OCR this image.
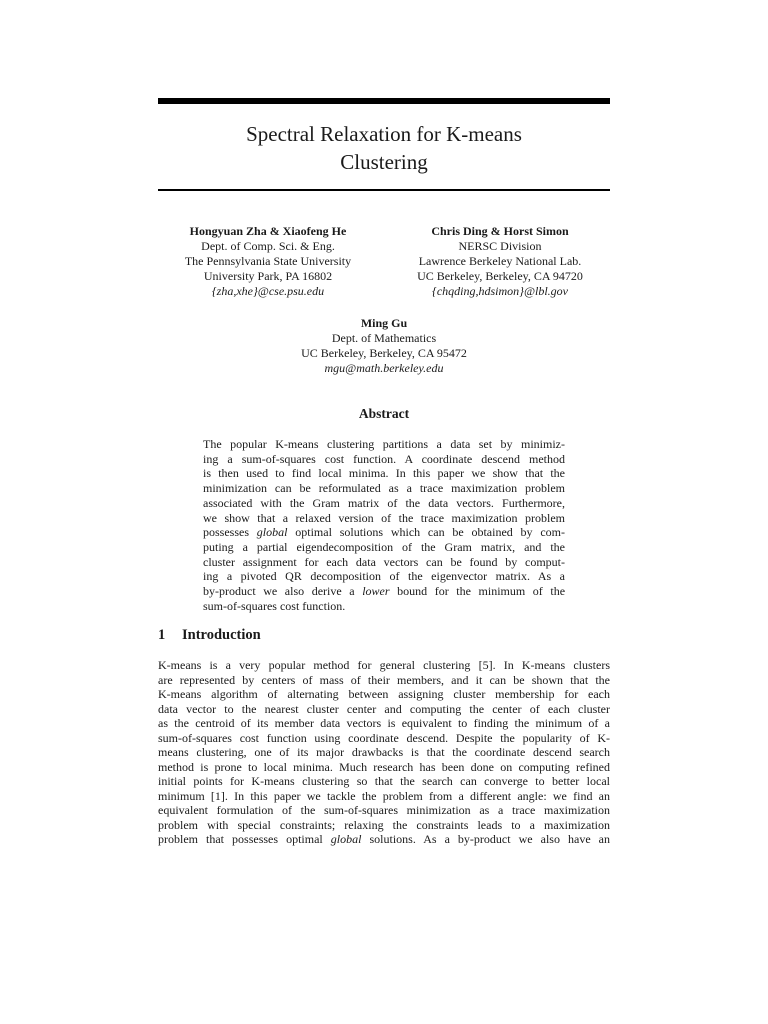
Spectral Relaxation for K-means
Clustering
Hongyuan Zha & Xiaofeng He
Dept. of Comp. Sci. & Eng.
The Pennsylvania State University
University Park, PA 16802
{zha,xhe}@cse.psu.edu
Chris Ding & Horst Simon
NERSC Division
Lawrence Berkeley National Lab.
UC Berkeley, Berkeley, CA 94720
{chqding,hdsimon}@lbl.gov
Ming Gu
Dept. of Mathematics
UC Berkeley, Berkeley, CA 95472
mgu@math.berkeley.edu
Abstract
The popular K-means clustering partitions a data set by minimiz-
ing a sum-of-squares cost function. A coordinate descend method
is then used to find local minima. In this paper we show that the
minimization can be reformulated as a trace maximization problem
associated with the Gram matrix of the data vectors. Furthermore,
we show that a relaxed version of the trace maximization problem
possesses global optimal solutions which can be obtained by com-
puting a partial eigendecomposition of the Gram matrix, and the
cluster assignment for each data vectors can be found by comput-
ing a pivoted QR decomposition of the eigenvector matrix. As a
by-product we also derive a lower bound for the minimum of the
sum-of-squares cost function.
1 Introduction
K-means is a very popular method for general clustering [5]. In K-means clusters
are represented by centers of mass of their members, and it can be shown that the
K-means algorithm of alternating between assigning cluster membership for each
data vector to the nearest cluster center and computing the center of each cluster
as the centroid of its member data vectors is equivalent to finding the minimum of a
sum-of-squares cost function using coordinate descend. Despite the popularity of K-
means clustering, one of its major drawbacks is that the coordinate descend search
method is prone to local minima. Much research has been done on computing refined
initial points for K-means clustering so that the search can converge to better local
minimum [1]. In this paper we tackle the problem from a different angle: we find an
equivalent formulation of the sum-of-squares minimization as a trace maximization
problem with special constraints; relaxing the constraints leads to a maximization
problem that possesses optimal global solutions. As a by-product we also have an
